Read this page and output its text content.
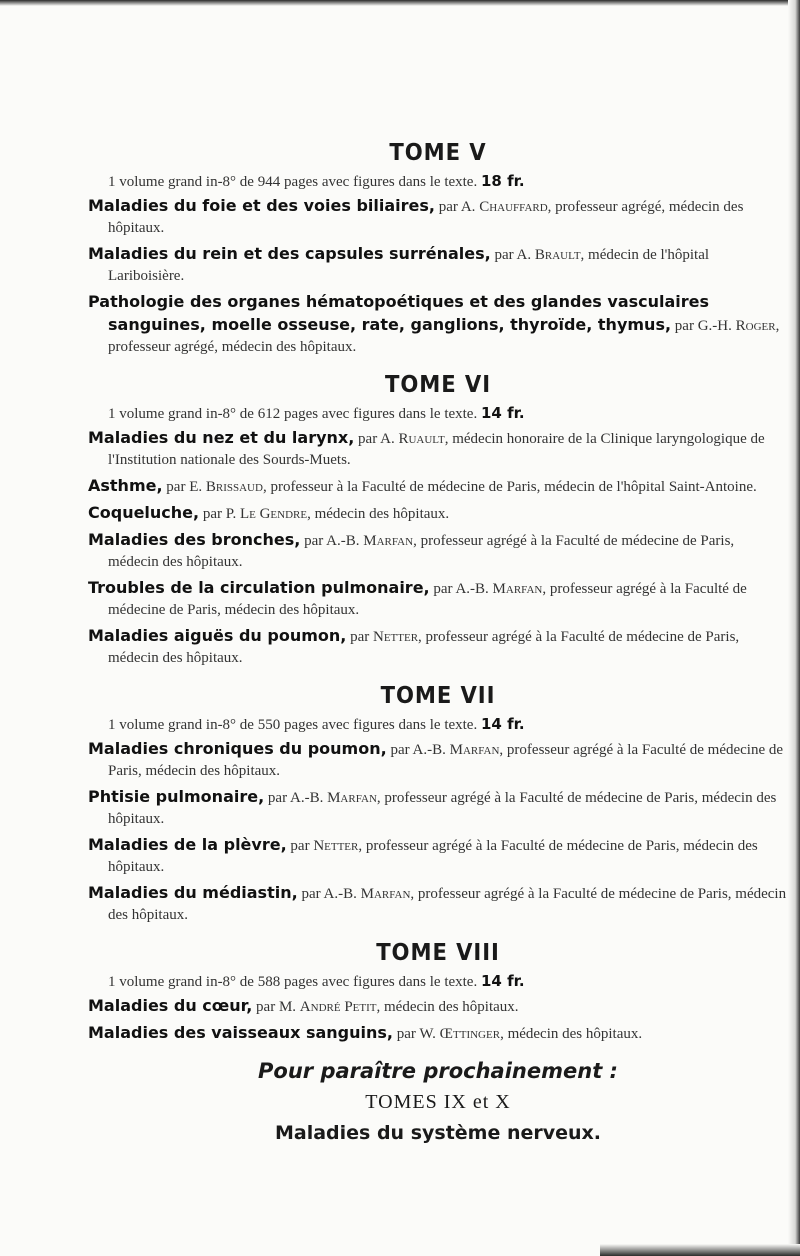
TOME V

1 volume grand in-8° de 944 pages avec figures dans le texte. 18 fr.

Maladies du foie et des voies biliaires, par A. Chauffard, professeur agrégé, médecin des hôpitaux.

Maladies du rein et des capsules surrénales, par A. Brault, médecin de l'hôpital Lariboisière.

Pathologie des organes hématopoétiques et des glandes vasculaires sanguines, moelle osseuse, rate, ganglions, thyroïde, thymus, par G.-H. Roger, professeur agrégé, médecin des hôpitaux.

TOME VI

1 volume grand in-8° de 612 pages avec figures dans le texte. 14 fr.

Maladies du nez et du larynx, par A. Ruault, médecin honoraire de la Clinique laryngologique de l'Institution nationale des Sourds-Muets.

Asthme, par E. Brissaud, professeur à la Faculté de médecine de Paris, médecin de l'hôpital Saint-Antoine.

Coqueluche, par P. Le Gendre, médecin des hôpitaux.

Maladies des bronches, par A.-B. Marfan, professeur agrégé à la Faculté de médecine de Paris, médecin des hôpitaux.

Troubles de la circulation pulmonaire, par A.-B. Marfan, professeur agrégé à la Faculté de médecine de Paris, médecin des hôpitaux.

Maladies aiguës du poumon, par Netter, professeur agrégé à la Faculté de médecine de Paris, médecin des hôpitaux.

TOME VII

1 volume grand in-8° de 550 pages avec figures dans le texte. 14 fr.

Maladies chroniques du poumon, par A.-B. Marfan, professeur agrégé à la Faculté de médecine de Paris, médecin des hôpitaux.

Phtisie pulmonaire, par A.-B. Marfan, professeur agrégé à la Faculté de médecine de Paris, médecin des hôpitaux.

Maladies de la plèvre, par Netter, professeur agrégé à la Faculté de médecine de Paris, médecin des hôpitaux.

Maladies du médiastin, par A.-B. Marfan, professeur agrégé à la Faculté de médecine de Paris, médecin des hôpitaux.

TOME VIII

1 volume grand in-8° de 588 pages avec figures dans le texte. 14 fr.

Maladies du cœur, par M. André Petit, médecin des hôpitaux.

Maladies des vaisseaux sanguins, par W. Œttinger, médecin des hôpitaux.

Pour paraître prochainement :

TOMES IX et X

Maladies du système nerveux.
